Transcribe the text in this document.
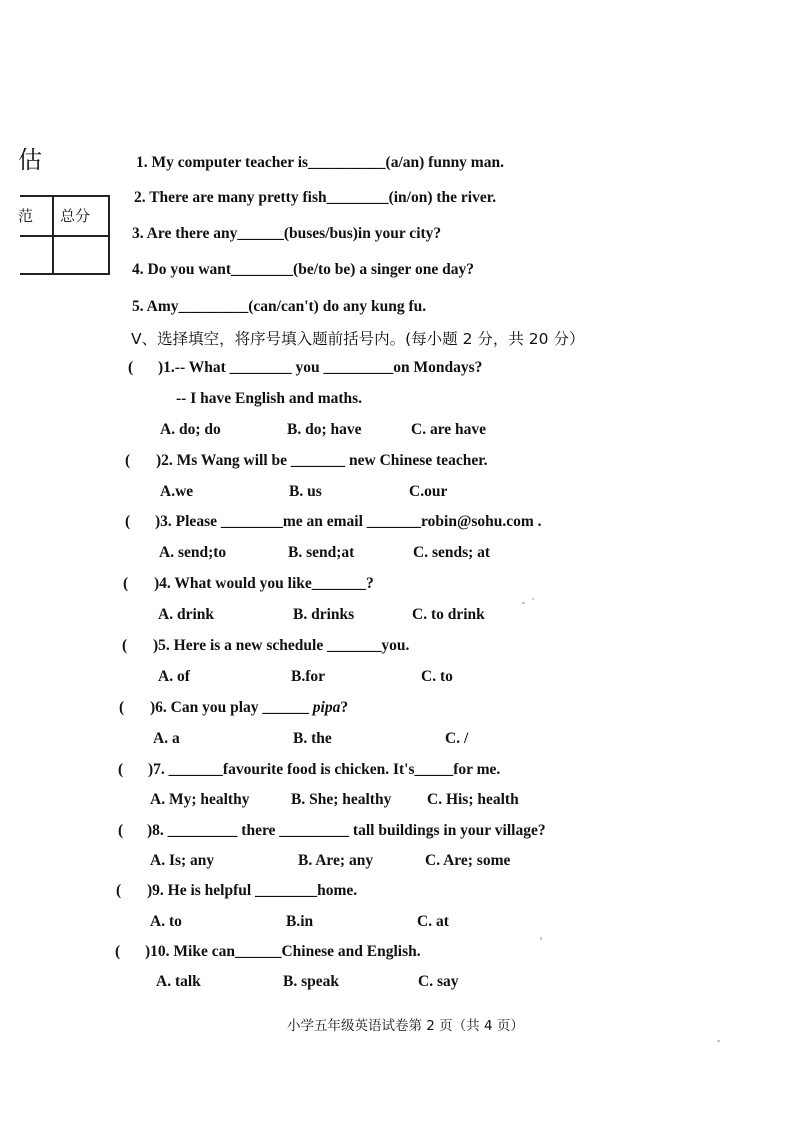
估
范 总分
1. My computer teacher is__________(a/an) funny man.
2. There are many pretty fish________(in/on) the river.
3. Are there any______(buses/bus)in your city?
4. Do you want________(be/to be) a singer one day?
5. Amy_________(can/can't) do any kung fu.
V、选择填空，将序号填入题前括号内。(每小题 2 分，共 20 分）
( )1.-- What ________ you _________on Mondays?
-- I have English and maths.
A. do; do	B. do; have	C. are have
( )2. Ms Wang will be _______ new Chinese teacher.
A.we	B. us	C.our
( )3. Please ________me an email _______robin@sohu.com .
A. send;to	B. send;at	C. sends; at
( )4. What would you like_______?
A. drink	B. drinks	C. to drink
( )5. Here is a new schedule _______you.
A. of	B.for	C. to
( )6. Can you play ______ pipa?
A. a	B. the	C. /
( )7. _______favourite food is chicken. It's_____for me.
A. My; healthy	B. She; healthy C. His; health
( )8. _________ there _________ tall buildings in your village?
A. Is; any	B. Are; any	C. Are; some
( )9. He is helpful ________home.
A. to	B.in	C. at
( )10. Mike can______Chinese and English.
A. talk	B. speak	C. say
小学五年级英语试卷第 2 页（共 4 页）
